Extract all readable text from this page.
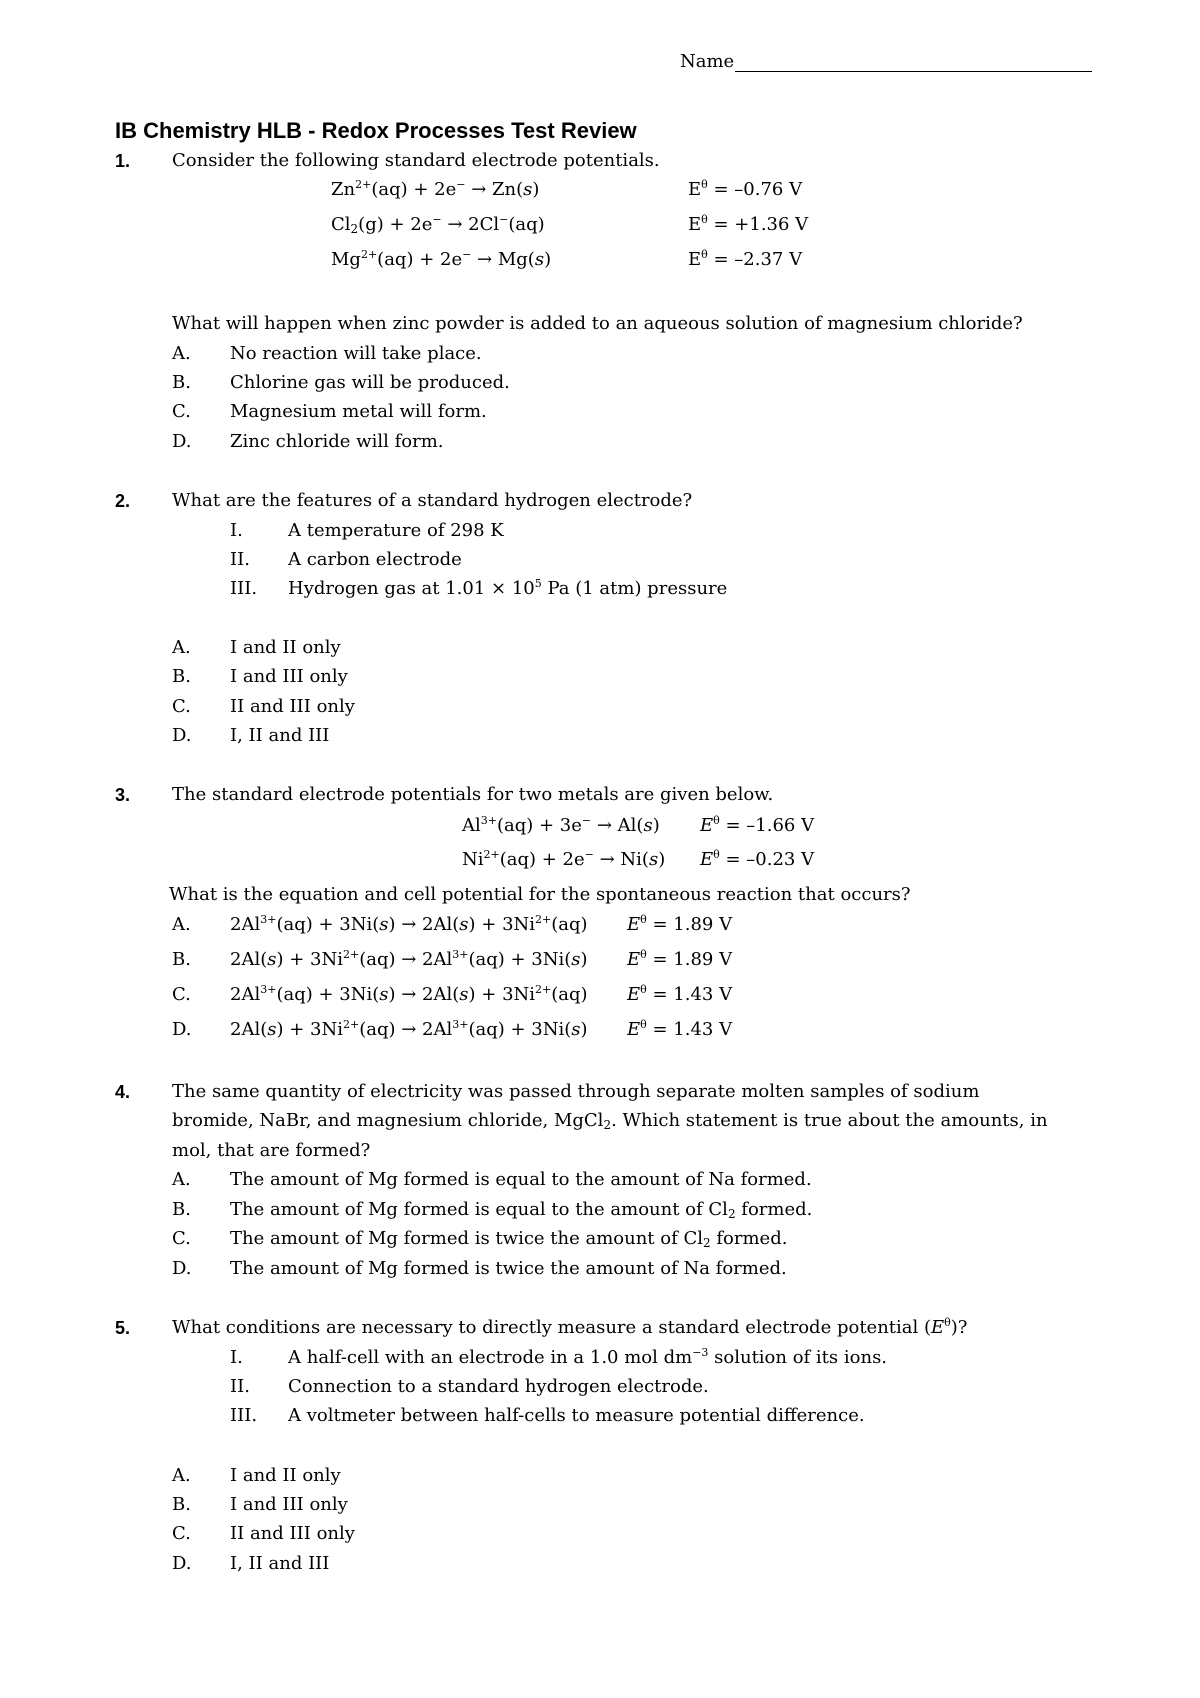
Name
IB Chemistry HLB - Redox Processes Test Review
1. Consider the following standard electrode potentials.
$Zn^{2+}(aq) + 2e^- \to Zn(s)$	$E^\theta = -0.76$ V
$Cl_2(g) + 2e^- \to 2Cl^-(aq)$	$E^\theta = +1.36$ V
$Mg^{2+}(aq) + 2e^- \to Mg(s)$	$E^\theta = -2.37$ V
What will happen when zinc powder is added to an aqueous solution of magnesium chloride?
A. No reaction will take place.
B. Chlorine gas will be produced.
C. Magnesium metal will form.
D. Zinc chloride will form.
2. What are the features of a standard hydrogen electrode?
I.	A temperature of 298 K
II. A carbon electrode
III. Hydrogen gas at $1.01 \times 10^5$ Pa (1 atm) pressure
A. I and II only
B. I and III only
C. II and III only
D. I, II and III
3. The standard electrode potentials for two metals are given below.
$Al^{3+}(aq) + 3e^- \to Al(s) E^\theta = -1.66$ V
$Ni^{2+}(aq) + 2e^- \to Ni(s) E^\theta = -0.23$ V
What is the equation and cell potential for the spontaneous reaction that occurs?
A. $2Al^{3+}(aq) + 3Ni(s) \to 2Al(s) + 3Ni^{2+}(aq) E^\theta = 1.89$ V
B. $2Al(s) + 3Ni^{2+}(aq) \to 2Al^{3+}(aq) + 3Ni(s) E^\theta = 1.89$ V
C. $2Al^{3+}(aq) + 3Ni(s) \to 2Al(s) + 3Ni^{2+}(aq) E^\theta = 1.43$ V
D. $2Al(s) + 3Ni^{2+}(aq) \to 2Al^{3+}(aq) + 3Ni(s) E^\theta = 1.43$ V
4. The same quantity of electricity was passed through separate molten samples of sodium
bromide, NaBr, and magnesium chloride, MgCl$_2$. Which statement is true about the amounts, in
mol, that are formed?
A. The amount of Mg formed is equal to the amount of Na formed.
B. The amount of Mg formed is equal to the amount of $Cl_2$ formed.
C. The amount of Mg formed is twice the amount of $Cl_2$ formed.
D. The amount of Mg formed is twice the amount of Na formed.
5. What conditions are necessary to directly measure a standard electrode potential $(E^\theta)$?
I.	A half-cell with an electrode in a 1.0 mol $dm^{-3}$ solution of its ions.
II. Connection to a standard hydrogen electrode.
III. A voltmeter between half-cells to measure potential difference.
A. I and II only
B. I and III only
C. II and III only
D. I, II and III
